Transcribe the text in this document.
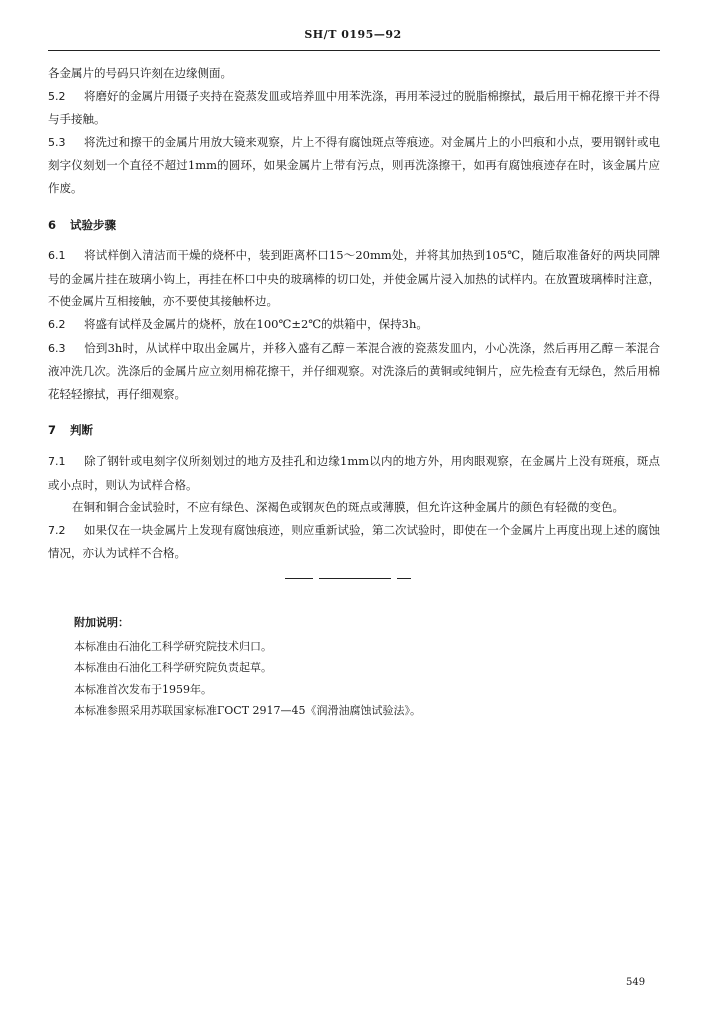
SH/T 0195—92

各金属片的号码只许刻在边缘侧面。

5.2 将磨好的金属片用镊子夹持在瓷蒸发皿或培养皿中用苯洗涤，再用苯浸过的脱脂棉擦拭，最后用干棉花擦干并不得与手接触。

5.3 将洗过和擦干的金属片用放大镜来观察，片上不得有腐蚀斑点等痕迹。对金属片上的小凹痕和小点，要用钢针或电刻字仪刻划一个直径不超过1mm的圆环，如果金属片上带有污点，则再洗涤擦干，如再有腐蚀痕迹存在时，该金属片应作废。

6 试验步骤

6.1 将试样倒入清洁而干燥的烧杯中，装到距离杯口15～20mm处，并将其加热到105℃，随后取准备好的两块同牌号的金属片挂在玻璃小钩上，再挂在杯口中央的玻璃棒的切口处，并使金属片浸入加热的试样内。在放置玻璃棒时注意，不使金属片互相接触，亦不要使其接触杯边。

6.2 将盛有试样及金属片的烧杯，放在100℃±2℃的烘箱中，保持3h。

6.3 恰到3h时，从试样中取出金属片，并移入盛有乙醇－苯混合液的瓷蒸发皿内，小心洗涤，然后再用乙醇－苯混合液冲洗几次。洗涤后的金属片应立刻用棉花擦干，并仔细观察。对洗涤后的黄铜或纯铜片，应先检查有无绿色，然后用棉花轻轻擦拭，再仔细观察。

7 判断

7.1 除了钢针或电刻字仪所刻划过的地方及挂孔和边缘1mm以内的地方外，用肉眼观察，在金属片上没有斑痕，斑点或小点时，则认为试样合格。

在铜和铜合金试验时，不应有绿色、深褐色或钢灰色的斑点或薄膜，但允许这种金属片的颜色有轻微的变色。

7.2 如果仅在一块金属片上发现有腐蚀痕迹，则应重新试验，第二次试验时，即使在一个金属片上再度出现上述的腐蚀情况，亦认为试样不合格。

附加说明：

本标准由石油化工科学研究院技术归口。

本标准由石油化工科学研究院负责起草。

本标准首次发布于1959年。

本标准参照采用苏联国家标准ГОСТ 2917—45《润滑油腐蚀试验法》。

549
